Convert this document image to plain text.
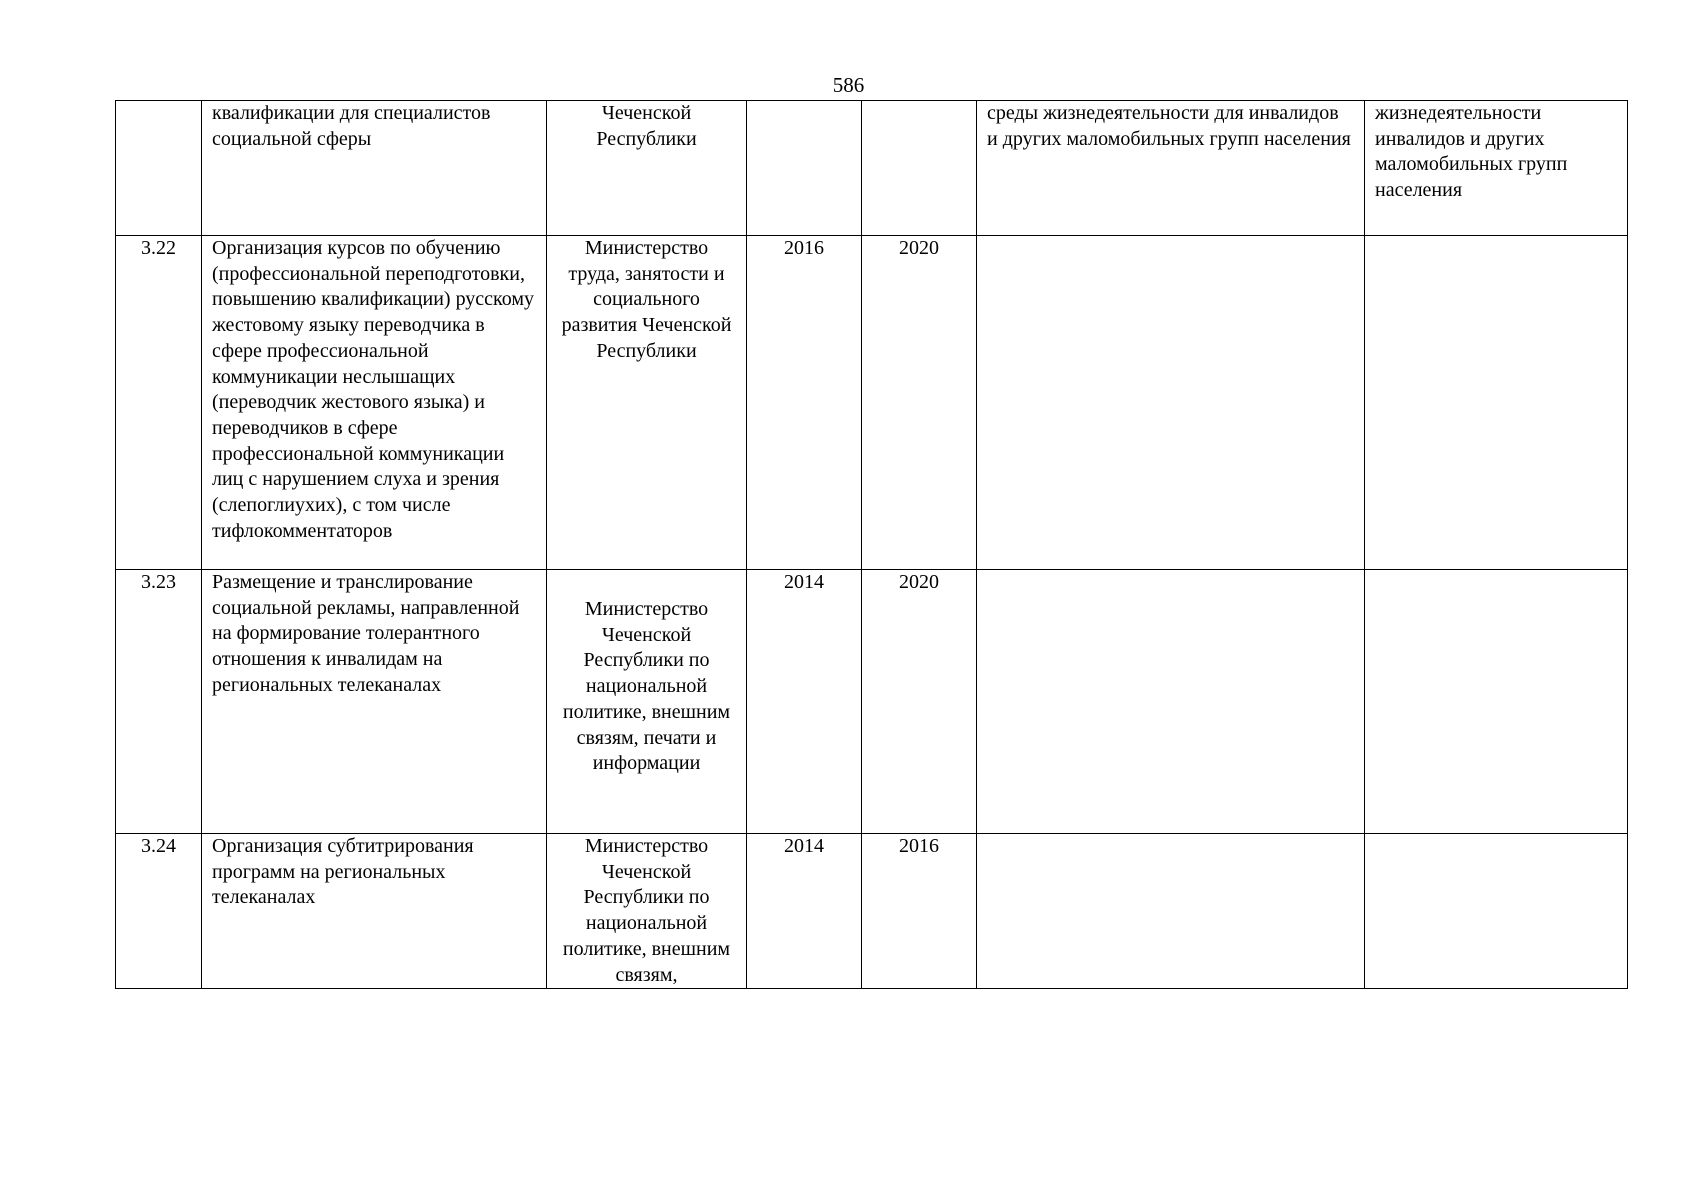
586
	квалификации для специалистов социальной сферы	Чеченской Республики			среды жизнедеятельности для инвалидов и других маломобильных групп населения	жизнедеятельности инвалидов и других маломобильных групп населения
3.22	Организация курсов по обучению (профессиональной переподготовки, повышению квалификации) русскому жестовому языку переводчика в сфере профессиональной коммуникации неслышащих (переводчик жестового языка) и переводчиков в сфере профессиональной коммуникации лиц с нарушением слуха и зрения (слепоглиухих), с том числе тифлокомментаторов	Министерство труда, занятости и социального развития Чеченской Республики	2016	2020		
3.23	Размещение и транслирование социальной рекламы, направленной на формирование толерантного отношения к инвалидам на региональных телеканалах	Министерство Чеченской Республики по национальной политике, внешним связям, печати и информации	2014	2020		
3.24	Организация субтитрирования программ на региональных телеканалах	Министерство Чеченской Республики по национальной политике, внешним связям,	2014	2016		
